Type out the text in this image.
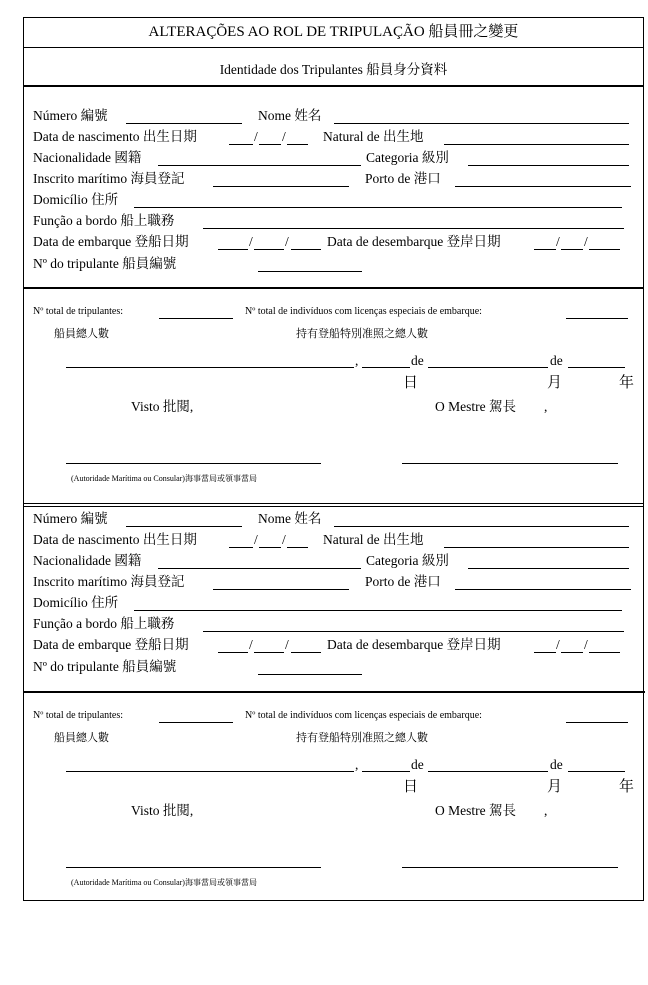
ALTERAÇÕES AO ROL DE TRIPULAÇÃO 船員冊之變更
Identidade dos Tripulantes 船員身分資料
Número 編號	Nome 姓名
Data de nascimento 出生日期	/ /	Natural de 出生地
Nacionalidade 國籍	Categoria 級別
Inscrito marítimo 海員登記	Porto de 港口
Domicílio 住所
Função a bordo 船上職務
Data de embarque 登船日期	/ /	Data de desembarque 登岸日期	/ /
Nº do tripulante 船員編號
Nº total de tripulantes:	Nº total de indivíduos com licenças especiais de embarque:
船員總人數	持有登船特別准照之總人數
,	de	de
日	月	年
Visto 批閱,	O Mestre 駕長 ,
(Autoridade Marítima ou Consular)海事當局或領事當局
Número 編號	Nome 姓名
Data de nascimento 出生日期	/ /	Natural de 出生地
Nacionalidade 國籍	Categoria 級別
Inscrito marítimo 海員登記	Porto de 港口
Domicílio 住所
Função a bordo 船上職務
Data de embarque 登船日期	/ /	Data de desembarque 登岸日期	/ /
Nº do tripulante 船員編號
Nº total de tripulantes:	Nº total de indivíduos com licenças especiais de embarque:
船員總人數	持有登船特別准照之總人數
,	de	de
日	月	年
Visto 批閱,	O Mestre 駕長 ,
(Autoridade Marítima ou Consular)海事當局或領事當局
